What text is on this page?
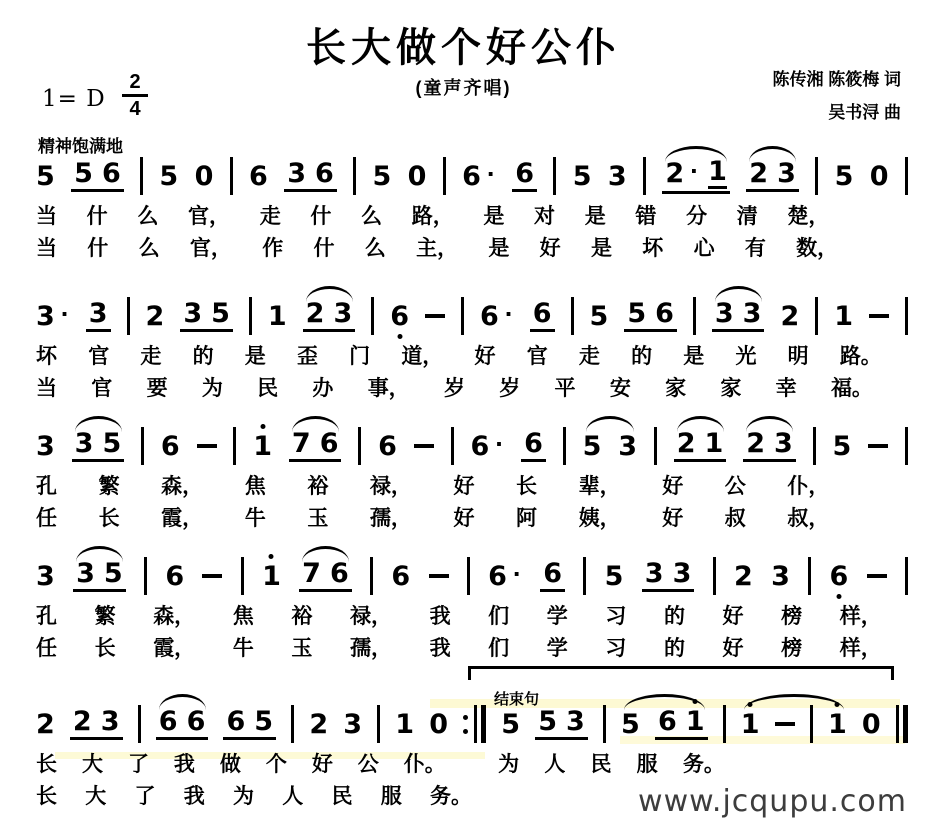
长大做个好公仆
(童声齐唱)	陈传湘 陈筱梅 词
吴书浔 曲
1= D
2
4
精神饱满地
5 5 6 5 0 6 3 6 5 0 6 · 6 5 3 2 · 1 2 3 5 0
当 什 么 官， 走 什 么 路， 是 对 是 错 分 清 楚，
当 什 么 官， 作 什 么 主， 是 好 是 坏 心 有 数，
3 · 3 2 3 5 1 2 3 6	6 · 6 5 5 6 3 3 2 1
坏 官 走 的 是 歪 门 道， 好 官 走 的 是 光 明 路。
当 官 要 为 民 办 事， 岁 岁 平 安 家 家 幸 福。
3 3 5 6	1 7 6 6	6 · 6 5 3 2 1 2 3 5
孔 繁 森， 焦 裕 禄， 好 长 辈， 好 公 仆，
任 长 霞， 牛 玉 孺， 好 阿 姨， 好 叔 叔，
3 3 5 6	1 7 6 6	6 · 6 5 3 3 2 3 6
孔 繁 森， 焦 裕 禄， 我 们 学 习 的 好 榜 样，
任 长 霞， 牛 玉 孺， 我 们 学 习 的 好 榜 样，
2 2 3 6 6 6 5 2 3 1 0 5 5 3 5 6 1 1	1 0
长 大 了 我 做 个 好 公 仆。 为 人 民 服 务。
长 大 了 我 为 人 民 服 务。
结束句
www.jcqupu.com
